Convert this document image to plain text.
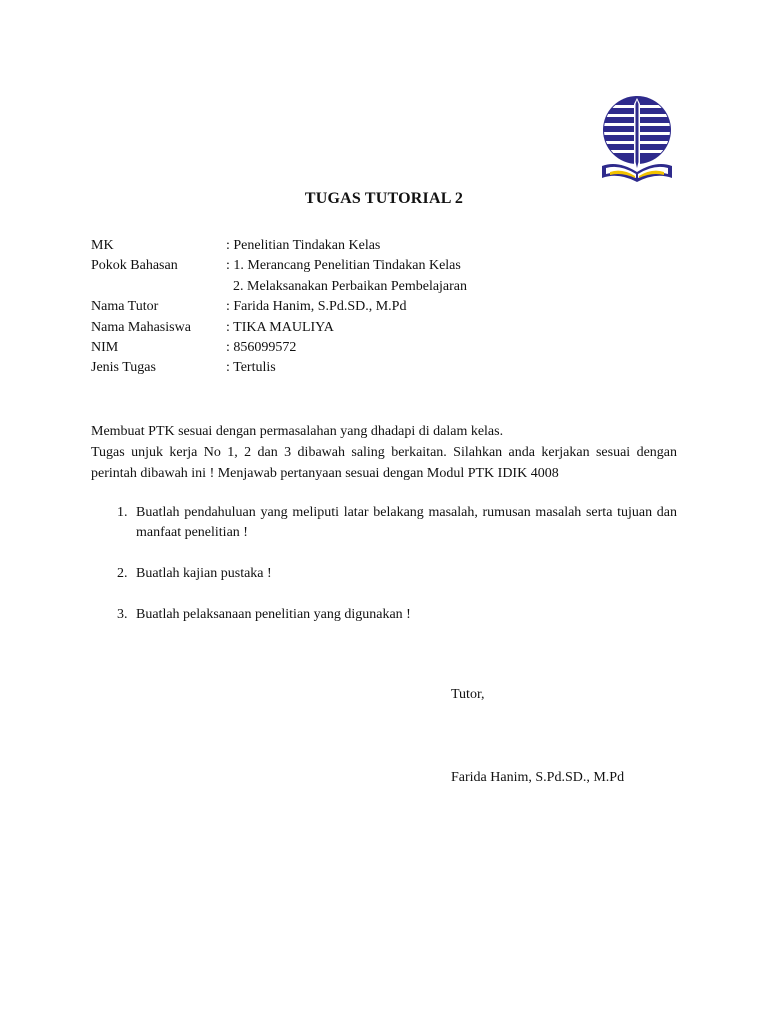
TUGAS TUTORIAL 2
MK	: Penelitian Tindakan Kelas
Pokok Bahasan	: 1. Merancang Penelitian Tindakan Kelas
2. Melaksanakan Perbaikan Pembelajaran
Nama Tutor	: Farida Hanim, S.Pd.SD., M.Pd
Nama Mahasiswa	: TIKA MAULIYA
NIM	: 856099572
Jenis Tugas	: Tertulis

Membuat PTK sesuai dengan permasalahan yang dhadapi di dalam kelas.

Tugas unjuk kerja No 1, 2 dan 3 dibawah saling berkaitan. Silahkan anda kerjakan sesuai dengan perintah dibawah ini ! Menjawab pertanyaan sesuai dengan Modul PTK IDIK 4008

1. Buatlah pendahuluan yang meliputi latar belakang masalah, rumusan masalah serta tujuan dan manfaat penelitian !
2. Buatlah kajian pustaka !
3. Buatlah pelaksanaan penelitian yang digunakan !
Tutor,
Farida Hanim, S.Pd.SD., M.Pd
